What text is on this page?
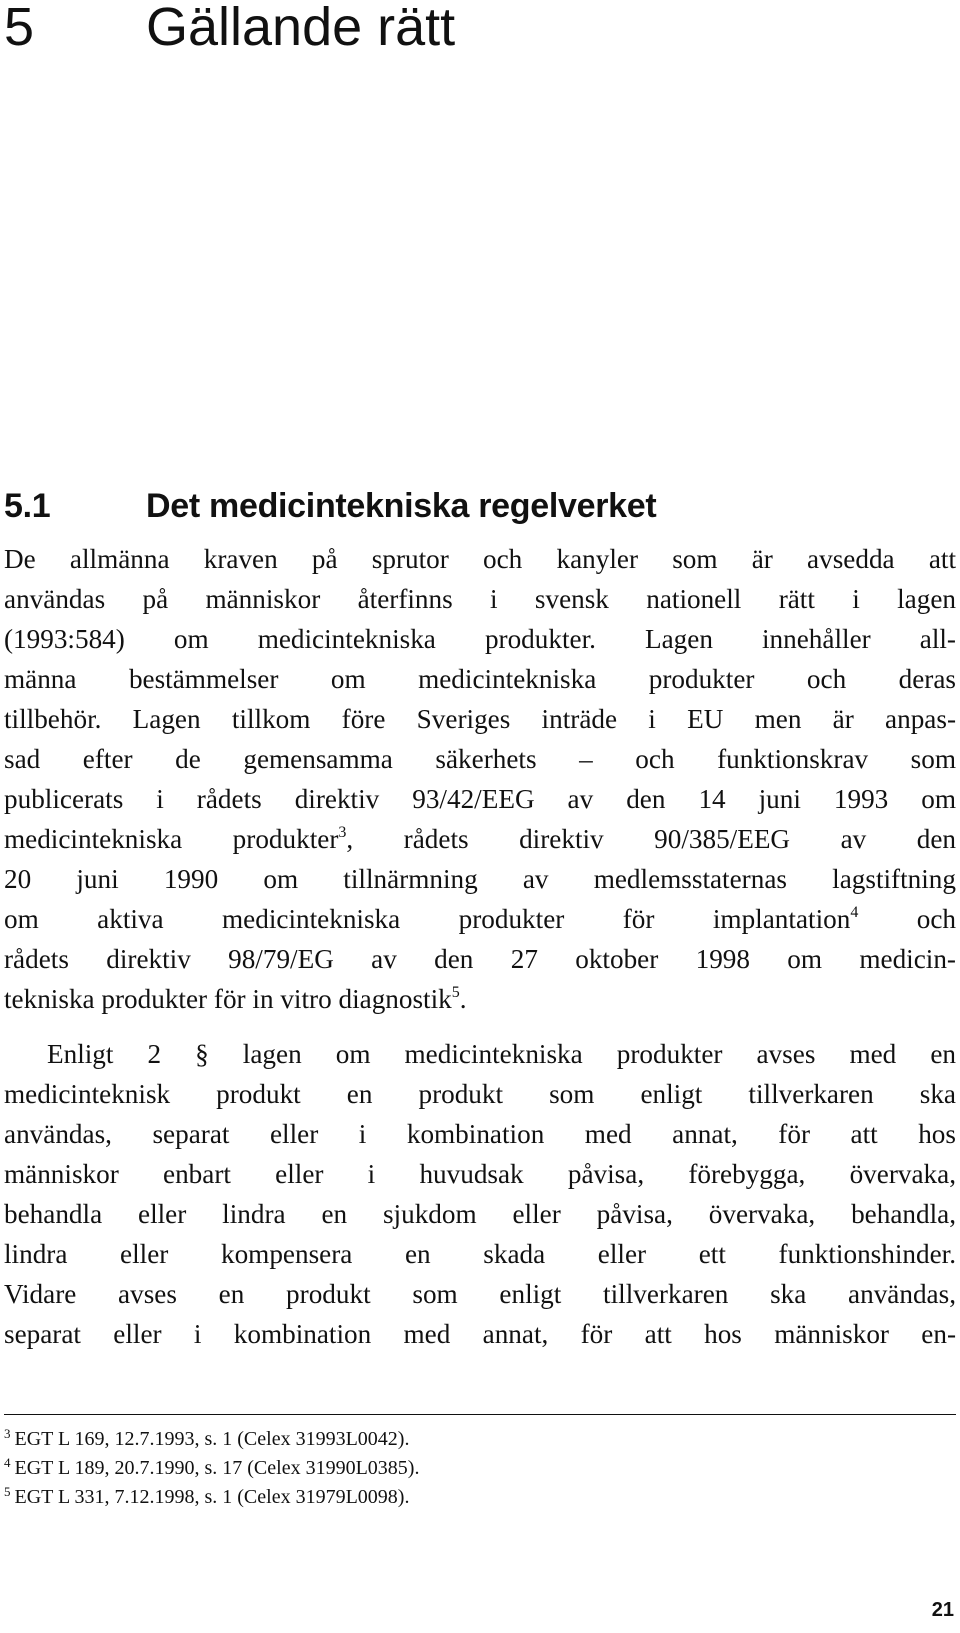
5 Gällande rätt
5.1	Det medicintekniska regelverket
De allmänna kraven på sprutor och kanyler som är avsedda att
användas på människor återfinns i svensk nationell rätt i lagen
(1993:584) om medicintekniska produkter. Lagen innehåller all-
männa bestämmelser om medicintekniska produkter och deras
tillbehör. Lagen tillkom före Sveriges inträde i EU men är anpas-
sad efter de gemensamma säkerhets – och funktionskrav som
publicerats i rådets direktiv 93/42/EEG av den 14 juni 1993 om
medicintekniska produkter$^3$, rådets direktiv 90/385/EEG av den
20 juni 1990 om tillnärmning av medlemsstaternas lagstiftning
om aktiva medicintekniska produkter för implantation$^4$ och
rådets direktiv 98/79/EG av den 27 oktober 1998 om medicin-
tekniska produkter för in vitro diagnostik$^5$.
Enligt 2 § lagen om medicintekniska produkter avses med en
medicinteknisk produkt en produkt som enligt tillverkaren ska
användas, separat eller i kombination med annat, för att hos
människor enbart eller i huvudsak påvisa, förebygga, övervaka,
behandla eller lindra en sjukdom eller påvisa, övervaka, behandla,
lindra eller kompensera en skada eller ett funktionshinder.
Vidare avses en produkt som enligt tillverkaren ska användas,
separat eller i kombination med annat, för att hos människor en-
$^3$ EGT L 169, 12.7.1993, s. 1 (Celex 31993L0042).
$^4$ EGT L 189, 20.7.1990, s. 17 (Celex 31990L0385).
$^5$ EGT L 331, 7.12.1998, s. 1 (Celex 31979L0098).
21
